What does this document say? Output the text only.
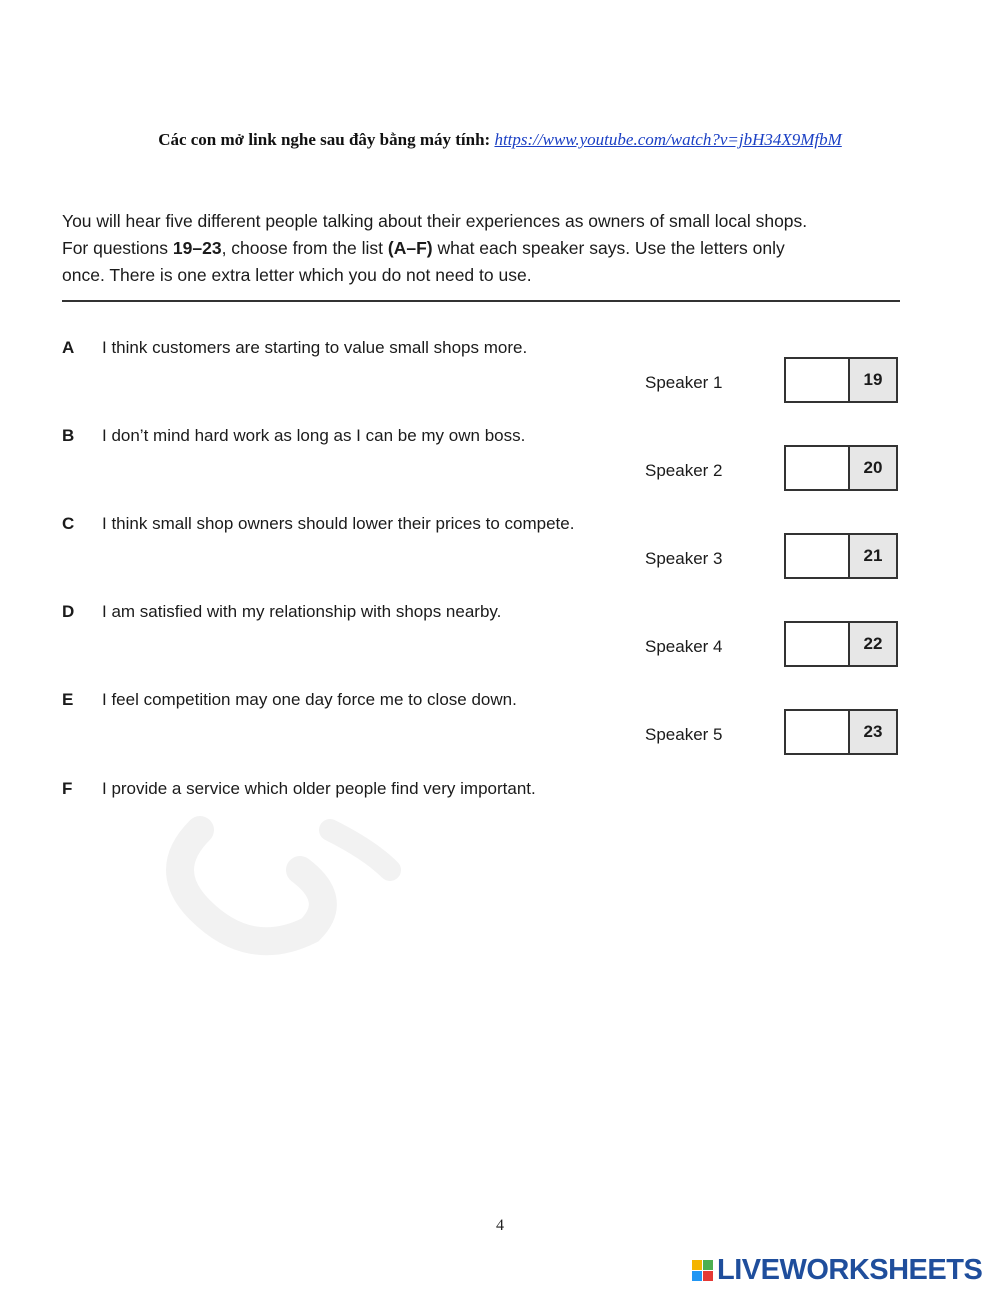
Các con mở link nghe sau đây bằng máy tính: https://www.youtube.com/watch?v=jbH34X9MfbM
You will hear five different people talking about their experiences as owners of small local shops.
For questions 19–23, choose from the list (A–F) what each speaker says. Use the letters only
once. There is one extra letter which you do not need to use.
A I think customers are starting to value small shops more.
B I don’t mind hard work as long as I can be my own boss.
C I think small shop owners should lower their prices to compete.
D I am satisfied with my relationship with shops nearby.
E I feel competition may one day force me to close down.
F I provide a service which older people find very important.
Speaker 1	19
Speaker 2	20
Speaker 3	21
Speaker 4	22
Speaker 5	23
4
LIVEWORKSHEETS
